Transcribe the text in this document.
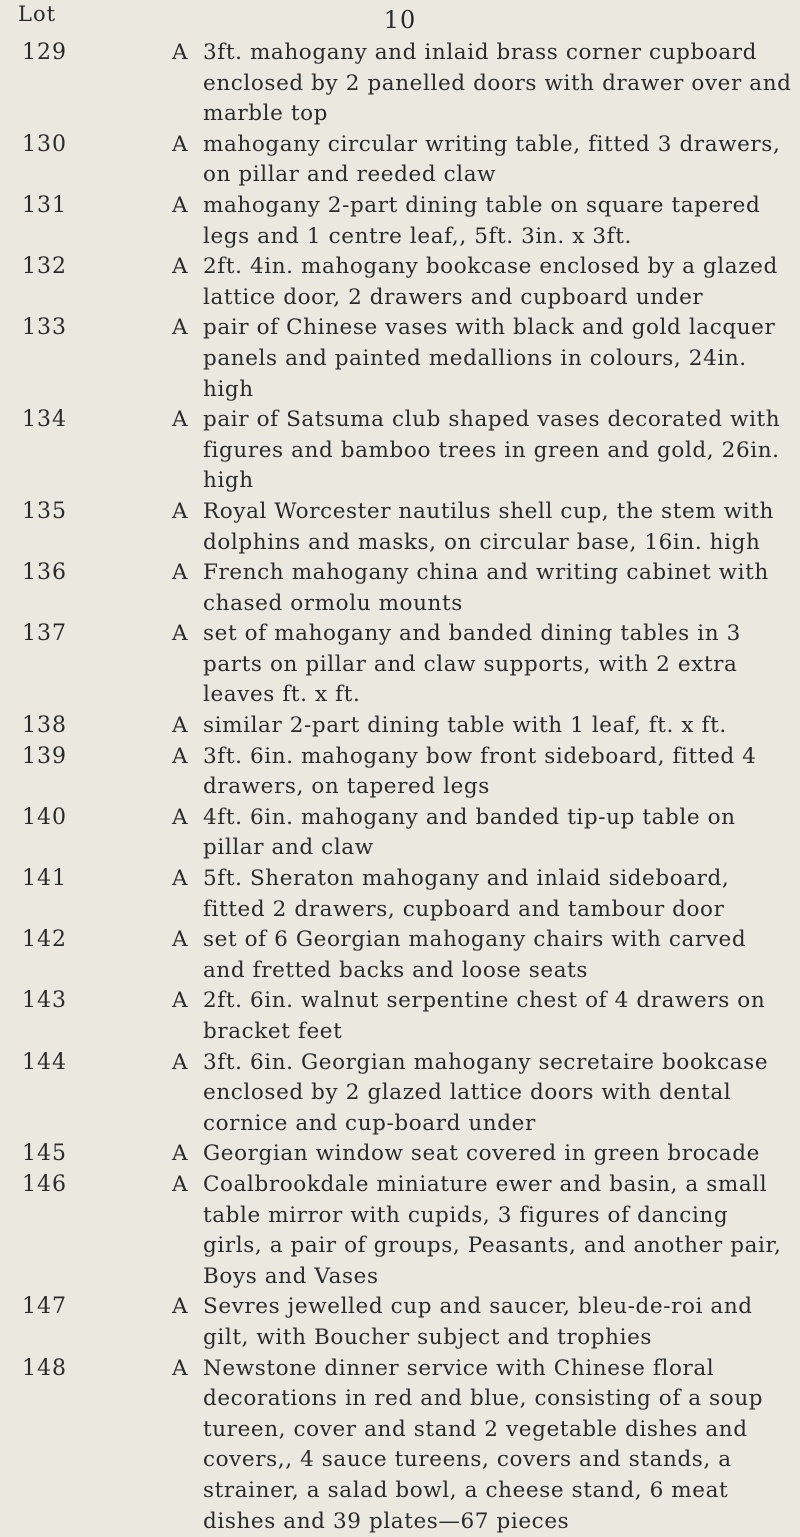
10
Lot
129	A 3ft. mahogany and inlaid brass corner cupboard enclosed by 2 panelled doors with drawer over and marble top
130	A mahogany circular writing table, fitted 3 drawers, on pillar and reeded claw
131	A mahogany 2-part dining table on square tapered legs and 1 centre leaf,, 5ft. 3in. x 3ft.
132	A 2ft. 4in. mahogany bookcase enclosed by a glazed lattice door, 2 drawers and cupboard under
133	A pair of Chinese vases with black and gold lacquer panels and painted medallions in colours, 24in. high
134	A pair of Satsuma club shaped vases decorated with figures and bamboo trees in green and gold, 26in. high
135	A Royal Worcester nautilus shell cup, the stem with dolphins and masks, on circular base, 16in. high
136	A French mahogany china and writing cabinet with chased ormolu mounts
137	A set of mahogany and banded dining tables in 3 parts on pillar and claw supports, with 2 extra leaves ft. x ft.
138	A similar 2-part dining table with 1 leaf, ft. x ft.
139	A 3ft. 6in. mahogany bow front sideboard, fitted 4 drawers, on tapered legs
140	A 4ft. 6in. mahogany and banded tip-up table on pillar and claw
141	A 5ft. Sheraton mahogany and inlaid sideboard, fitted 2 drawers, cupboard and tambour door
142	A set of 6 Georgian mahogany chairs with carved and fretted backs and loose seats
143	A 2ft. 6in. walnut serpentine chest of 4 drawers on bracket feet
144	A 3ft. 6in. Georgian mahogany secretaire bookcase enclosed by 2 glazed lattice doors with dental cornice and cup-board under
145	A Georgian window seat covered in green brocade
146	A Coalbrookdale miniature ewer and basin, a small table mirror with cupids, 3 figures of dancing girls, a pair of groups, Peasants, and another pair, Boys and Vases
147	A Sevres jewelled cup and saucer, bleu-de-roi and gilt, with Boucher subject and trophies
148	A Newstone dinner service with Chinese floral decorations in red and blue, consisting of a soup tureen, cover and stand 2 vegetable dishes and covers,, 4 sauce tureens, covers and stands, a strainer, a salad bowl, a cheese stand, 6 meat dishes and 39 plates—67 pieces
